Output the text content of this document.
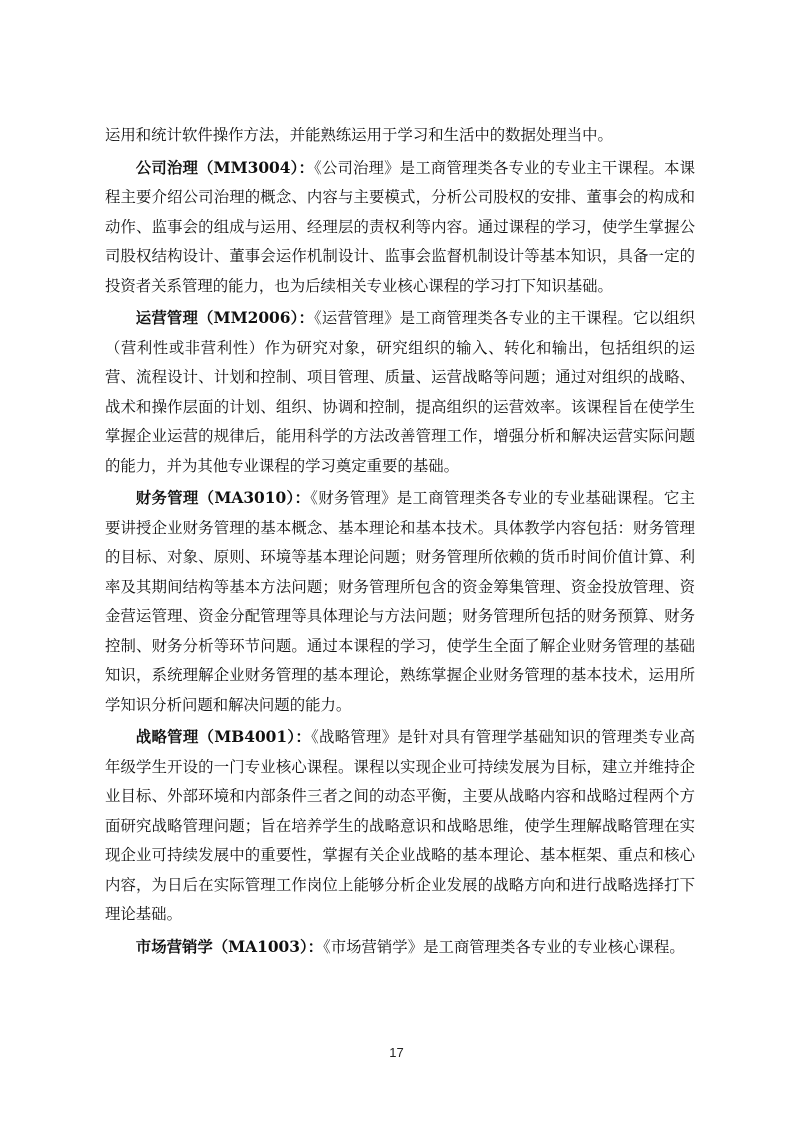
运用和统计软件操作方法，并能熟练运用于学习和生活中的数据处理当中。

公司治理（MM3004）：《公司治理》是工商管理类各专业的专业主干课程。本课程主要介绍公司治理的概念、内容与主要模式，分析公司股权的安排、董事会的构成和动作、监事会的组成与运用、经理层的责权利等内容。通过课程的学习，使学生掌握公司股权结构设计、董事会运作机制设计、监事会监督机制设计等基本知识，具备一定的投资者关系管理的能力，也为后续相关专业核心课程的学习打下知识基础。

运营管理（MM2006）：《运营管理》是工商管理类各专业的主干课程。它以组织（营利性或非营利性）作为研究对象，研究组织的输入、转化和输出，包括组织的运营、流程设计、计划和控制、项目管理、质量、运营战略等问题；通过对组织的战略、战术和操作层面的计划、组织、协调和控制，提高组织的运营效率。该课程旨在使学生掌握企业运营的规律后，能用科学的方法改善管理工作，增强分析和解决运营实际问题的能力，并为其他专业课程的学习奠定重要的基础。

财务管理（MA3010）：《财务管理》是工商管理类各专业的专业基础课程。它主要讲授企业财务管理的基本概念、基本理论和基本技术。具体教学内容包括：财务管理的目标、对象、原则、环境等基本理论问题；财务管理所依赖的货币时间价值计算、利率及其期间结构等基本方法问题；财务管理所包含的资金筹集管理、资金投放管理、资金营运管理、资金分配管理等具体理论与方法问题；财务管理所包括的财务预算、财务控制、财务分析等环节问题。通过本课程的学习，使学生全面了解企业财务管理的基础知识，系统理解企业财务管理的基本理论，熟练掌握企业财务管理的基本技术，运用所学知识分析问题和解决问题的能力。

战略管理（MB4001）：《战略管理》是针对具有管理学基础知识的管理类专业高年级学生开设的一门专业核心课程。课程以实现企业可持续发展为目标，建立并维持企业目标、外部环境和内部条件三者之间的动态平衡，主要从战略内容和战略过程两个方面研究战略管理问题；旨在培养学生的战略意识和战略思维，使学生理解战略管理在实现企业可持续发展中的重要性，掌握有关企业战略的基本理论、基本框架、重点和核心内容，为日后在实际管理工作岗位上能够分析企业发展的战略方向和进行战略选择打下理论基础。

市场营销学（MA1003）：《市场营销学》是工商管理类各专业的专业核心课程。

17
